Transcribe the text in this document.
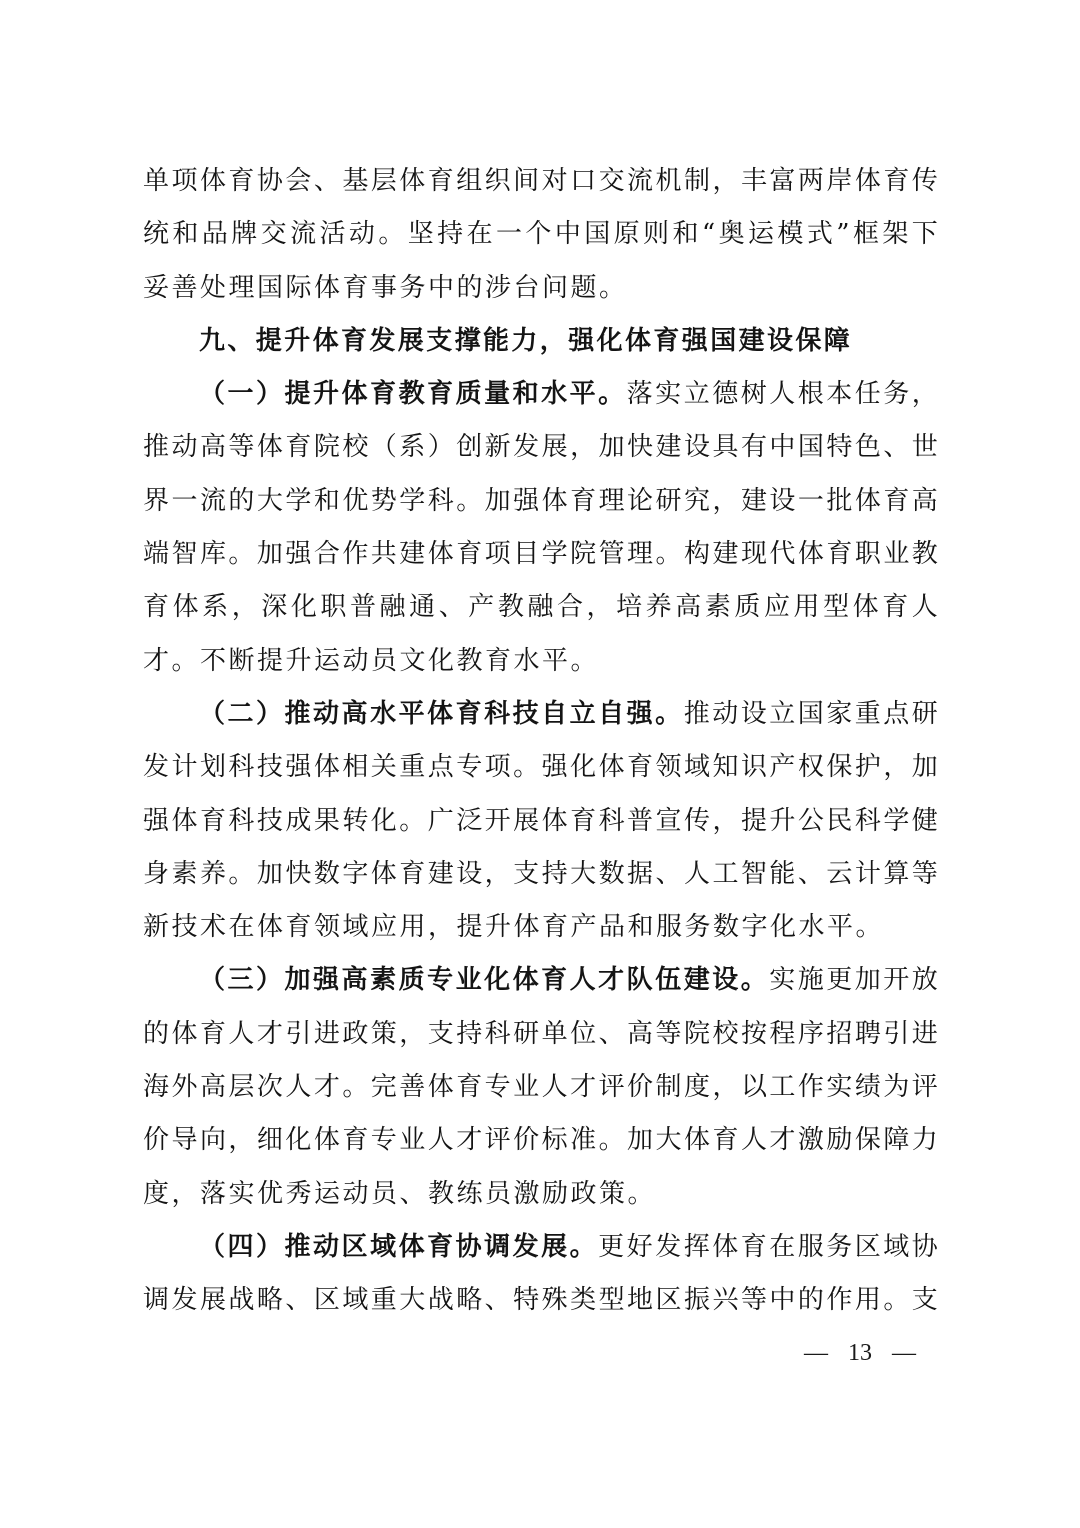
单项体育协会、基层体育组织间对口交流机制，丰富两岸体育传
统和品牌交流活动。坚持在一个中国原则和“奥运模式”框架下
妥善处理国际体育事务中的涉台问题。
九、提升体育发展支撑能力，强化体育强国建设保障
（一）提升体育教育质量和水平。落实立德树人根本任务，
推动高等体育院校（系）创新发展，加快建设具有中国特色、世
界一流的大学和优势学科。加强体育理论研究，建设一批体育高
端智库。加强合作共建体育项目学院管理。构建现代体育职业教
育体系，深化职普融通、产教融合，培养高素质应用型体育人
才。不断提升运动员文化教育水平。
（二）推动高水平体育科技自立自强。推动设立国家重点研
发计划科技强体相关重点专项。强化体育领域知识产权保护，加
强体育科技成果转化。广泛开展体育科普宣传，提升公民科学健
身素养。加快数字体育建设，支持大数据、人工智能、云计算等
新技术在体育领域应用，提升体育产品和服务数字化水平。
（三）加强高素质专业化体育人才队伍建设。实施更加开放
的体育人才引进政策，支持科研单位、高等院校按程序招聘引进
海外高层次人才。完善体育专业人才评价制度，以工作实绩为评
价导向，细化体育专业人才评价标准。加大体育人才激励保障力
度，落实优秀运动员、教练员激励政策。
（四）推动区域体育协调发展。更好发挥体育在服务区域协
调发展战略、区域重大战略、特殊类型地区振兴等中的作用。支
— 13 —
